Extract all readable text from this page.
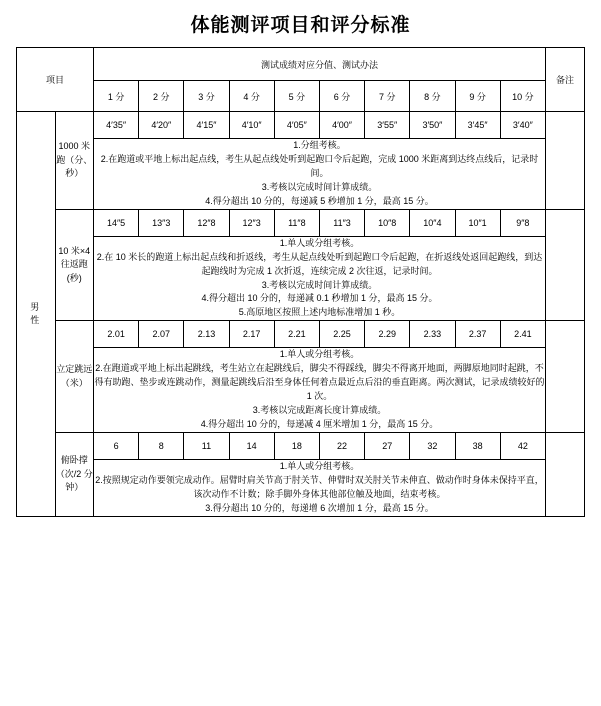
体能测评项目和评分标准
项目		测试成绩对应分值、测试办法										备注
		1 分	2 分	3 分	4 分	5 分	6 分	7 分	8 分	9 分	10 分	

男
性	1000 米跑（分、秒）	4′35″	4′20″	4′15″	4′10″	4′05″	4′00″	3′55″	3′50″	3′45″	3′40″	

		1.分组考核。

2.在跑道或平地上标出起点线，考生从起点线处听到起跑口令后起跑，完成 1000 米距离到达终点线后，记录时间。

3.考核以完成时间计算成绩。

4.得分超出 10 分的，每递减 5 秒增加 1 分，最高 15 分。										

	10 米×4 往返跑(秒)	14″5	13″3	12″8	12″3	11″8	11″3	10″8	10″4	10″1	9″8	

		1.单人或分组考核。

2.在 10 米长的跑道上标出起点线和折返线，考生从起点线处听到起跑口令后起跑，在折返线处返回起跑线，到达起跑线时为完成 1 次折返，连续完成 2 次往返，记录时间。

3.考核以完成时间计算成绩。

4.得分超出 10 分的，每递减 0.1 秒增加 1 分，最高 15 分。

5.高原地区按照上述内地标准增加 1 秒。										

	立定跳远（米）	2.01	2.07	2.13	2.17	2.21	2.25	2.29	2.33	2.37	2.41	

		1.单人或分组考核。

2.在跑道或平地上标出起跳线，考生站立在起跳线后，脚尖不得踩线，脚尖不得离开地面，两脚原地同时起跳，不得有助跑、垫步或连跳动作，测量起跳线后沿至身体任何着点最近点后沿的垂直距离。两次测试，记录成绩较好的 1 次。

3.考核以完成距离长度计算成绩。

4.得分超出 10 分的，每递减 4 厘米增加 1 分，最高 15 分。										

	俯卧撑（次/2 分钟）	6	8	11	14	18	22	27	32	38	42	

		1.单人或分组考核。

2.按照规定动作要领完成动作。屈臂时肩关节高于肘关节、伸臂时双关肘关节未伸直、做动作时身体未保持平直，该次动作不计数；除手脚外身体其他部位触及地面，结束考核。

3.得分超出 10 分的，每递增 6 次增加 1 分，最高 15 分。										
